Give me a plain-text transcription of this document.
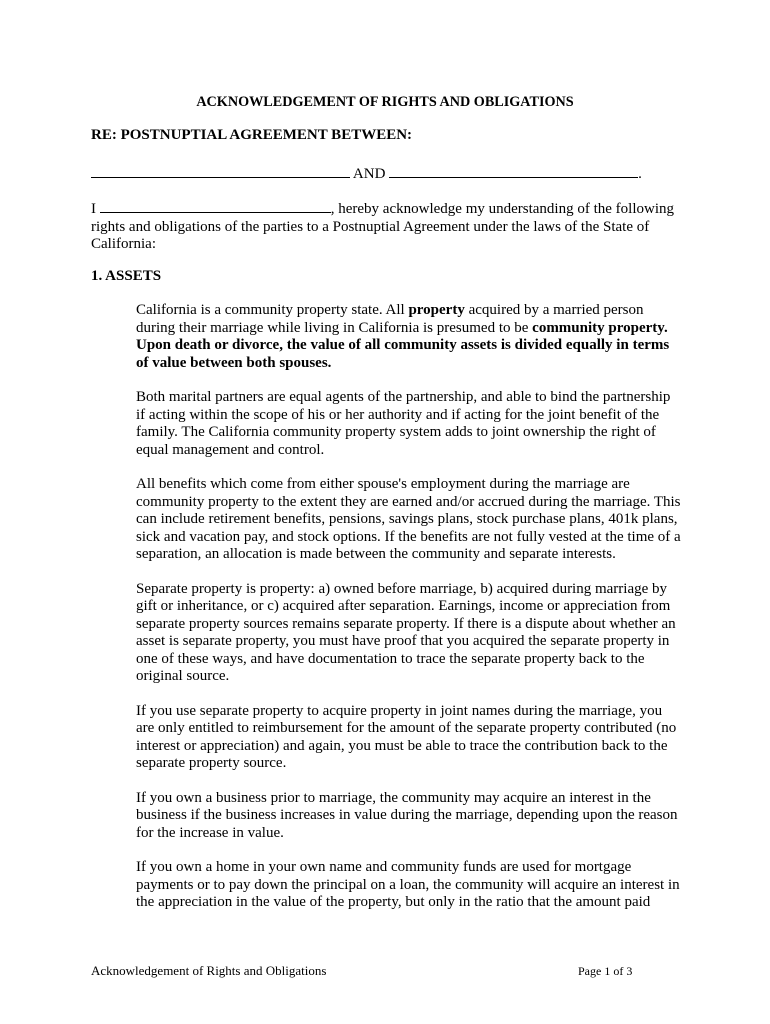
ACKNOWLEDGEMENT OF RIGHTS AND OBLIGATIONS
RE: POSTNUPTIAL AGREEMENT BETWEEN:
AND	.

I	, hereby acknowledge my understanding of the following rights and obligations of the parties to a Postnuptial Agreement under the laws of the State of California:

1. ASSETS

California is a community property state. All property acquired by a married person during their marriage while living in California is presumed to be community property. Upon death or divorce, the value of all community assets is divided equally in terms of value between both spouses.

Both marital partners are equal agents of the partnership, and able to bind the partnership if acting within the scope of his or her authority and if acting for the joint benefit of the family. The California community property system adds to joint ownership the right of equal management and control.

All benefits which come from either spouse's employment during the marriage are community property to the extent they are earned and/or accrued during the marriage. This can include retirement benefits, pensions, savings plans, stock purchase plans, 401k plans, sick and vacation pay, and stock options. If the benefits are not fully vested at the time of a separation, an allocation is made between the community and separate interests.

Separate property is property: a) owned before marriage, b) acquired during marriage by gift or inheritance, or c) acquired after separation. Earnings, income or appreciation from separate property sources remains separate property. If there is a dispute about whether an asset is separate property, you must have proof that you acquired the separate property in one of these ways, and have documentation to trace the separate property back to the original source.

If you use separate property to acquire property in joint names during the marriage, you are only entitled to reimbursement for the amount of the separate property contributed (no interest or appreciation) and again, you must be able to trace the contribution back to the separate property source.

If you own a business prior to marriage, the community may acquire an interest in the business if the business increases in value during the marriage, depending upon the reason for the increase in value.

If you own a home in your own name and community funds are used for mortgage payments or to pay down the principal on a loan, the community will acquire an interest in the appreciation in the value of the property, but only in the ratio that the amount paid

Acknowledgement of Rights and Obligations	Page 1 of 3
